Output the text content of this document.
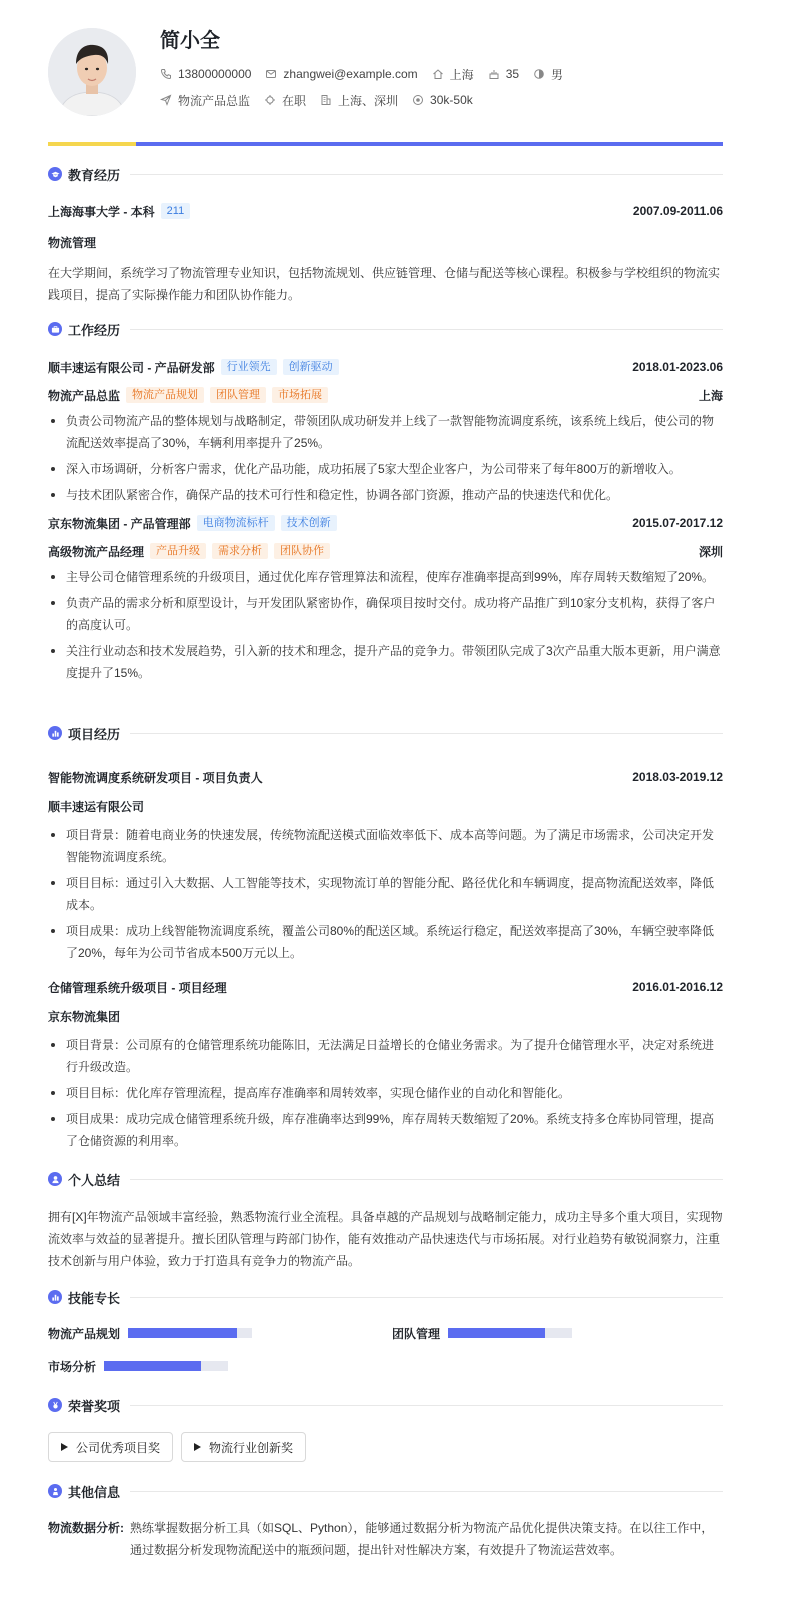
简小全
13800000000	zhangwei@example.com	上海	35	男
物流产品总监	在职	上海、深圳	30k-50k
教育经历
上海海事大学 - 本科	211	2007.09-2011.06
物流管理
在大学期间，系统学习了物流管理专业知识，包括物流规划、供应链管理、仓储与配送等核心课程。积极参与学校组织的物流实践项目，提高了实际操作能力和团队协作能力。
工作经历
顺丰速运有限公司 - 产品研发部	行业领先	创新驱动	2018.01-2023.06
物流产品总监	物流产品规划	团队管理	市场拓展	上海
负责公司物流产品的整体规划与战略制定，带领团队成功研发并上线了一款智能物流调度系统，该系统上线后，使公司的物流配送效率提高了30%，车辆利用率提升了25%。
深入市场调研，分析客户需求，优化产品功能，成功拓展了5家大型企业客户，为公司带来了每年800万的新增收入。
与技术团队紧密合作，确保产品的技术可行性和稳定性，协调各部门资源，推动产品的快速迭代和优化。
京东物流集团 - 产品管理部	电商物流标杆	技术创新	2015.07-2017.12
高级物流产品经理	产品升级	需求分析	团队协作	深圳
主导公司仓储管理系统的升级项目，通过优化库存管理算法和流程，使库存准确率提高到99%，库存周转天数缩短了20%。
负责产品的需求分析和原型设计，与开发团队紧密协作，确保项目按时交付。成功将产品推广到10家分支机构，获得了客户的高度认可。
关注行业动态和技术发展趋势，引入新的技术和理念，提升产品的竞争力。带领团队完成了3次产品重大版本更新，用户满意度提升了15%。
项目经历
智能物流调度系统研发项目 - 项目负责人	2018.03-2019.12
顺丰速运有限公司
项目背景：随着电商业务的快速发展，传统物流配送模式面临效率低下、成本高等问题。为了满足市场需求，公司决定开发智能物流调度系统。
项目目标：通过引入大数据、人工智能等技术，实现物流订单的智能分配、路径优化和车辆调度，提高物流配送效率，降低成本。
项目成果：成功上线智能物流调度系统，覆盖公司80%的配送区域。系统运行稳定，配送效率提高了30%，车辆空驶率降低了20%，每年为公司节省成本500万元以上。
仓储管理系统升级项目 - 项目经理	2016.01-2016.12
京东物流集团
项目背景：公司原有的仓储管理系统功能陈旧，无法满足日益增长的仓储业务需求。为了提升仓储管理水平，决定对系统进行升级改造。
项目目标：优化库存管理流程，提高库存准确率和周转效率，实现仓储作业的自动化和智能化。
项目成果：成功完成仓储管理系统升级，库存准确率达到99%，库存周转天数缩短了20%。系统支持多仓库协同管理，提高了仓储资源的利用率。
个人总结
拥有[X]年物流产品领域丰富经验，熟悉物流行业全流程。具备卓越的产品规划与战略制定能力，成功主导多个重大项目，实现物流效率与效益的显著提升。擅长团队管理与跨部门协作，能有效推动产品快速迭代与市场拓展。对行业趋势有敏锐洞察力，注重技术创新与用户体验，致力于打造具有竞争力的物流产品。
技能专长
物流产品规划	团队管理
市场分析
荣誉奖项
公司优秀项目奖	物流行业创新奖
其他信息
物流数据分析: 熟练掌握数据分析工具（如SQL、Python），能够通过数据分析为物流产品优化提供决策支持。在以往工作中，通过数据分析发现物流配送中的瓶颈问题，提出针对性解决方案，有效提升了物流运营效率。
